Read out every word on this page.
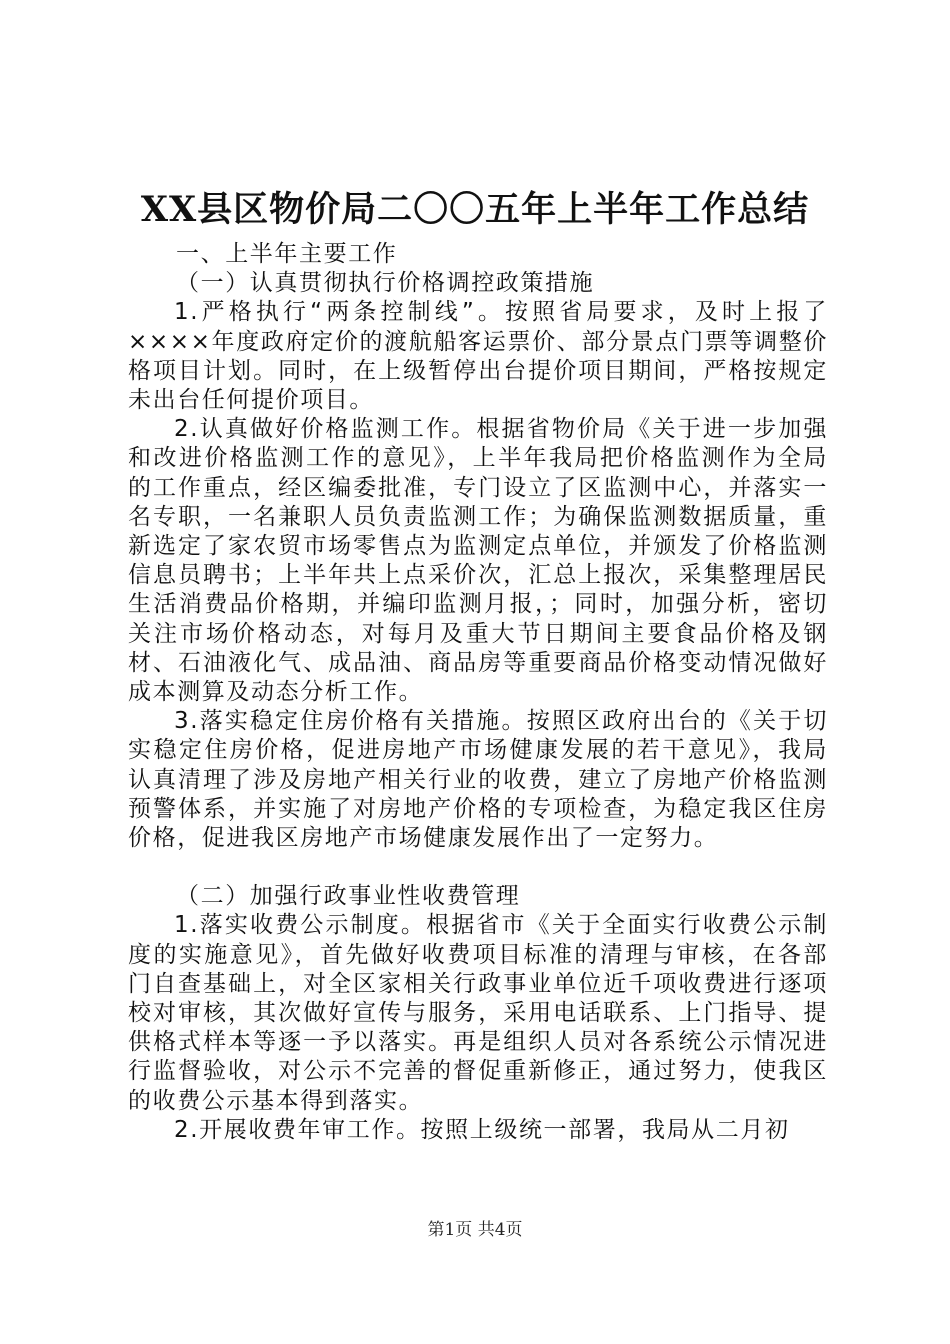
XX县区物价局二〇〇五年上半年工作总结

一、上半年主要工作

（一）认真贯彻执行价格调控政策措施

1.严格执行“两条控制线”。按照省局要求，及时上报了××××年度政府定价的渡航船客运票价、部分景点门票等调整价格项目计划。同时，在上级暂停出台提价项目期间，严格按规定未出台任何提价项目。

2.认真做好价格监测工作。根据省物价局《关于进一步加强和改进价格监测工作的意见》，上半年我局把价格监测作为全局的工作重点，经区编委批准，专门设立了区监测中心，并落实一名专职，一名兼职人员负责监测工作；为确保监测数据质量，重新选定了家农贸市场零售点为监测定点单位，并颁发了价格监测信息员聘书；上半年共上点采价次，汇总上报次，采集整理居民生活消费品价格期，并编印监测月报，；同时，加强分析，密切关注市场价格动态，对每月及重大节日期间主要食品价格及钢材、石油液化气、成品油、商品房等重要商品价格变动情况做好成本测算及动态分析工作。

3.落实稳定住房价格有关措施。按照区政府出台的《关于切实稳定住房价格，促进房地产市场健康发展的若干意见》，我局认真清理了涉及房地产相关行业的收费，建立了房地产价格监测预警体系，并实施了对房地产价格的专项检查，为稳定我区住房价格，促进我区房地产市场健康发展作出了一定努力。

（二）加强行政事业性收费管理

1.落实收费公示制度。根据省市《关于全面实行收费公示制度的实施意见》，首先做好收费项目标准的清理与审核，在各部门自查基础上，对全区家相关行政事业单位近千项收费进行逐项校对审核，其次做好宣传与服务，采用电话联系、上门指导、提供格式样本等逐一予以落实。再是组织人员对各系统公示情况进行监督验收，对公示不完善的督促重新修正，通过努力，使我区的收费公示基本得到落实。

2.开展收费年审工作。按照上级统一部署，我局从二月初

第1页 共4页
